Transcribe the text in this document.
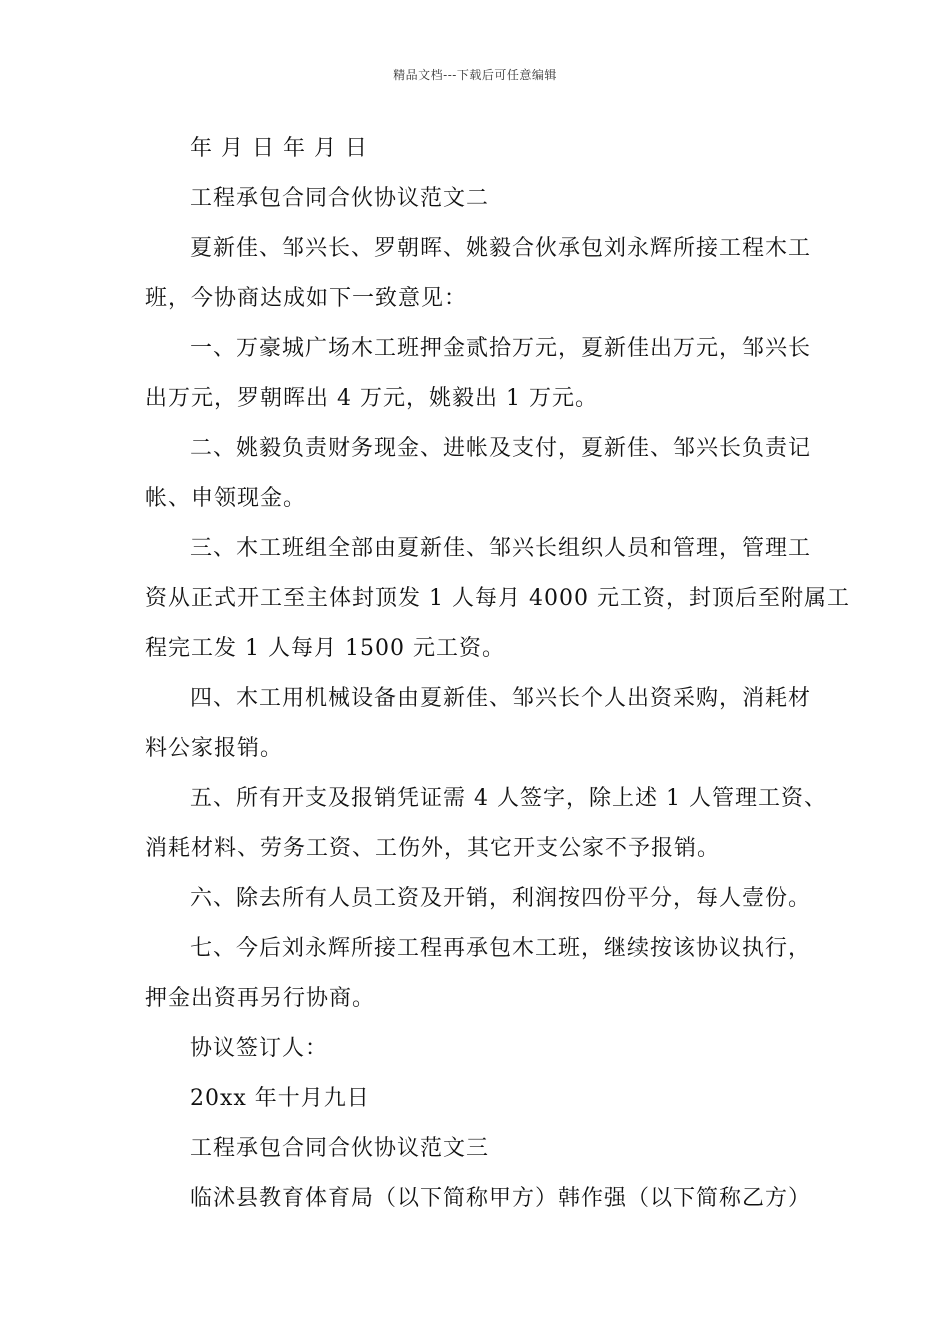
精品文档---下载后可任意编辑
年 月 日 年 月 日
工程承包合同合伙协议范文二
夏新佳、邹兴长、罗朝晖、姚毅合伙承包刘永辉所接工程木工
班，今协商达成如下一致意见：
一、万豪城广场木工班押金贰拾万元，夏新佳出万元，邹兴长
出万元，罗朝晖出 4 万元，姚毅出 1 万元。
二、姚毅负责财务现金、进帐及支付，夏新佳、邹兴长负责记
帐、申领现金。
三、木工班组全部由夏新佳、邹兴长组织人员和管理，管理工
资从正式开工至主体封顶发 1 人每月 4000 元工资，封顶后至附属工
程完工发 1 人每月 1500 元工资。
四、木工用机械设备由夏新佳、邹兴长个人出资采购，消耗材
料公家报销。
五、所有开支及报销凭证需 4 人签字，除上述 1 人管理工资、
消耗材料、劳务工资、工伤外，其它开支公家不予报销。
六、除去所有人员工资及开销，利润按四份平分，每人壹份。
七、今后刘永辉所接工程再承包木工班，继续按该协议执行，
押金出资再另行协商。
协议签订人：
20xx 年十月九日
工程承包合同合伙协议范文三
临沭县教育体育局（以下简称甲方）韩作强（以下简称乙方）
